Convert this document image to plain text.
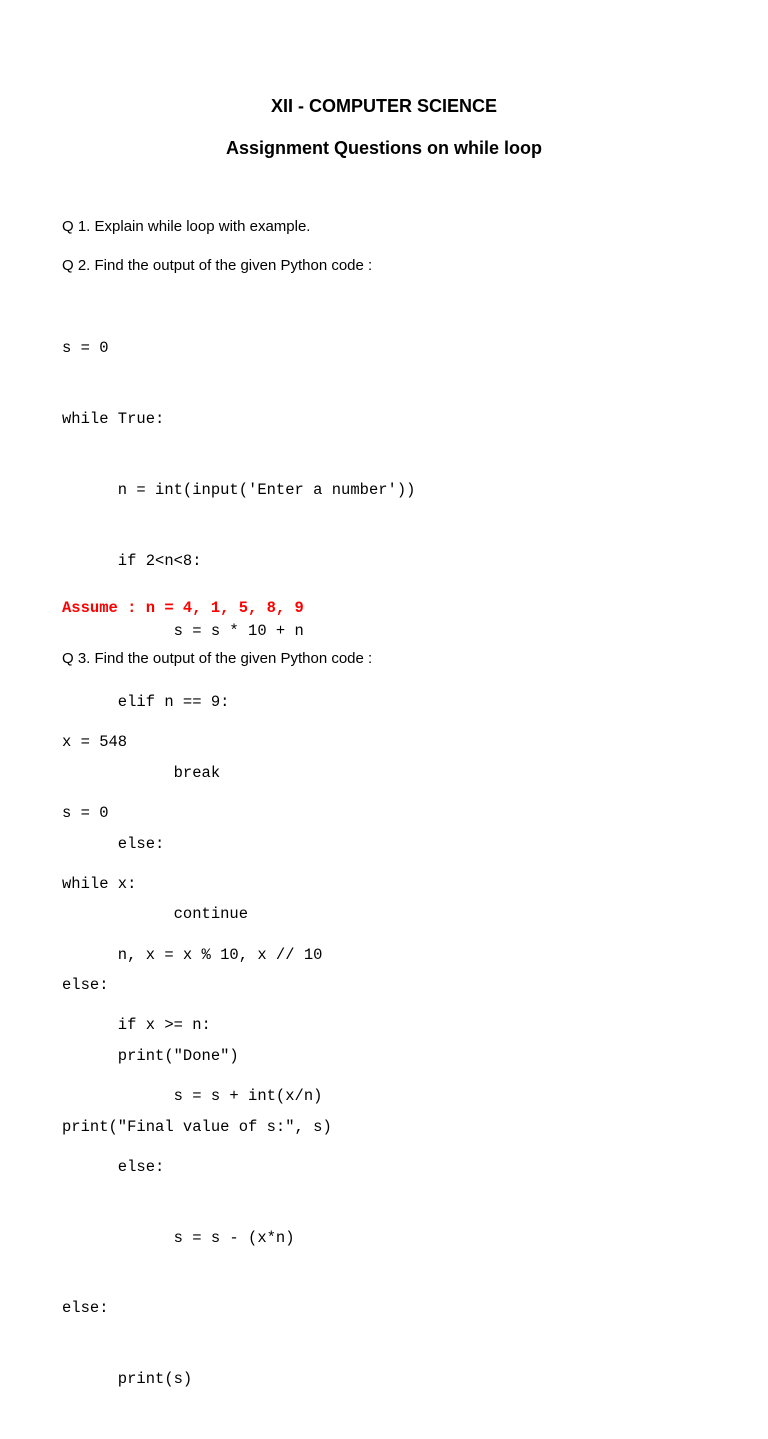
XII - COMPUTER SCIENCE
Assignment Questions on while loop

Q 1. Explain while loop with example.

Q 2. Find the output of the given Python code :

s = 0

while True:

n = int(input('Enter a number'))

if 2<n<8:

s = s * 10 + n

elif n == 9:

break

else:

continue

else:

print("Done")

print("Final value of s:", s)

Assume : n = 4, 1, 5, 8, 9

Q 3. Find the output of the given Python code :

x = 548

s = 0

while x:

n, x = x % 10, x // 10

if x >= n:

s = s + int(x/n)

else:

s = s - (x*n)

else:

print(s)
